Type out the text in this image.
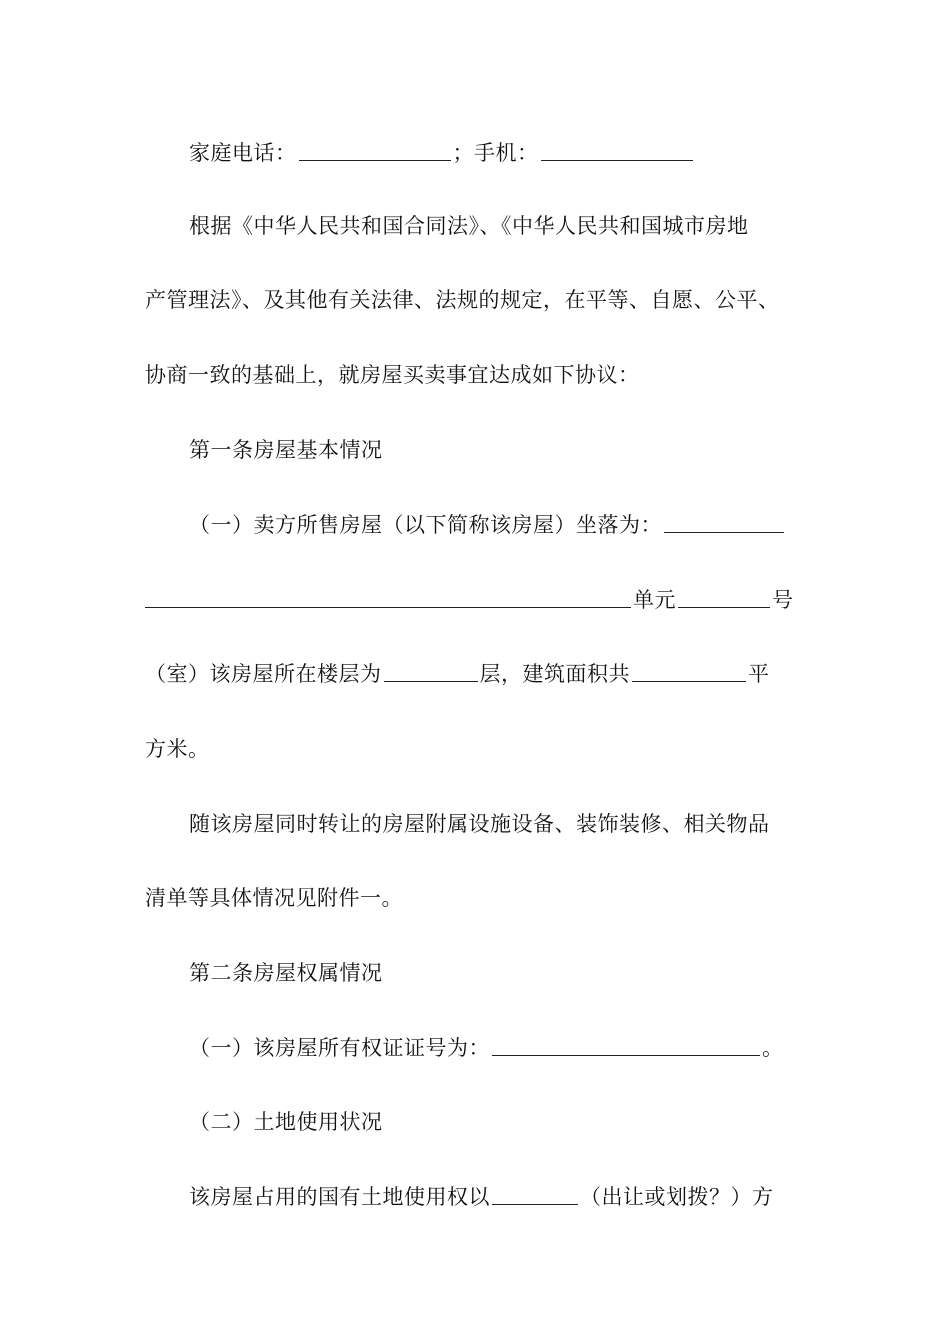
家庭电话：	；手机：
根据《中华人民共和国合同法》、《中华人民共和国城市房地
产管理法》、及其他有关法律、法规的规定，在平等、自愿、公平、
协商一致的基础上，就房屋买卖事宜达成如下协议：
第一条房屋基本情况
（一）卖方所售房屋（以下简称该房屋）坐落为：
单元	号
（室）该房屋所在楼层为	层，建筑面积共	平
方米。
随该房屋同时转让的房屋附属设施设备、装饰装修、相关物品
清单等具体情况见附件一。
第二条房屋权属情况
（一）该房屋所有权证证号为：	。
（二）土地使用状况
该房屋占用的国有土地使用权以	（出让或划拨？）方
